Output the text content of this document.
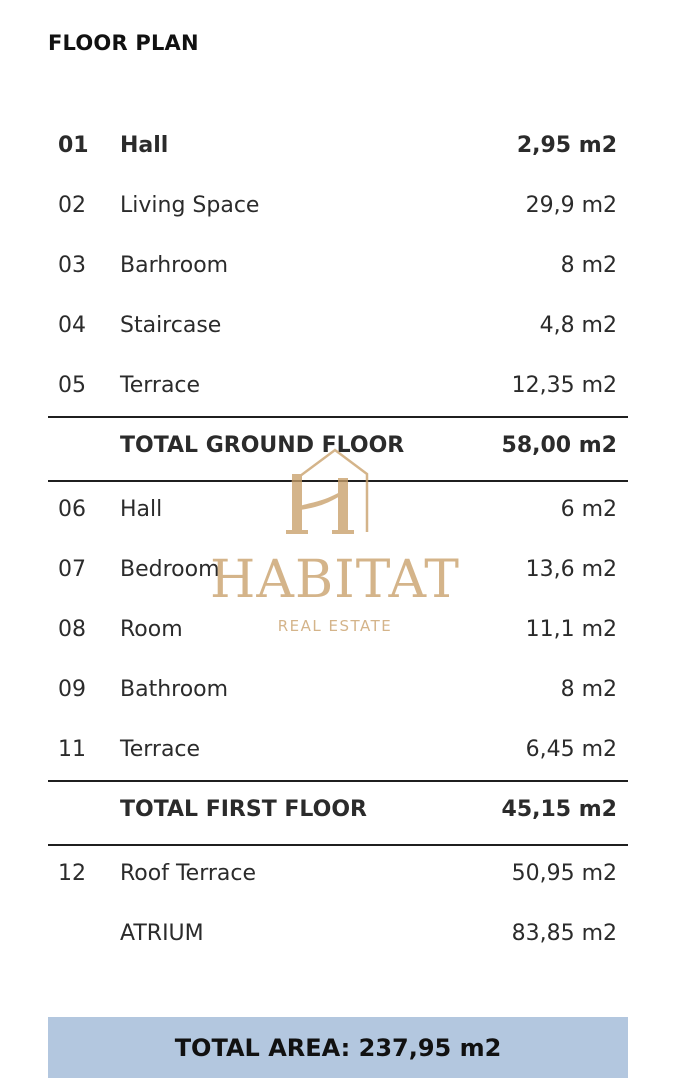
FLOOR PLAN
01	Hall	2,95 m2
02	Living Space	29,9 m2
03	Barhroom	8 m2
04	Staircase	4,8 m2
05	Terrace	12,35 m2
TOTAL GROUND FLOOR	58,00 m2
06	Hall	6 m2
07	Bedroom	13,6 m2
08	Room	11,1 m2
09	Bathroom	8 m2
11	Terrace	6,45 m2
TOTAL FIRST FLOOR	45,15 m2
12	Roof Terrace	50,95 m2
ATRIUM	83,85 m2
HABITAT
REAL ESTATE
TOTAL AREA: 237,95 m2
